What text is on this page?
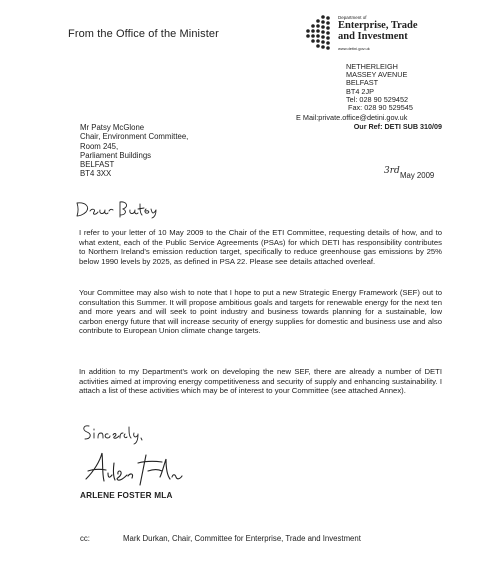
From the Office of the Minister
Department of
Enterprise, Trade
and Investment
www.detini.gov.uk
NETHERLEIGH
MASSEY AVENUE
BELFAST
BT4 2JP
Tel: 028 90 529452
Fax: 028 90 529545
E Mail:private.office@detini.gov.uk
Our Ref: DETI SUB 310/09
Mr Patsy McGlone
Chair, Environment Committee,
Room 245,
Parliament Buildings
BELFAST
BT4 3XX	3rd May 2009
I refer to your letter of 10 May 2009 to the Chair of the ETI Committee, requesting details of how, and to what extent, each of the Public Service Agreements (PSAs) for which DETI has responsibility contributes to Northern Ireland's emission reduction target, specifically to reduce greenhouse gas emissions by 25% below 1990 levels by 2025, as defined in PSA 22. Please see details attached overleaf.
Your Committee may also wish to note that I hope to put a new Strategic Energy Framework (SEF) out to consultation this Summer. It will propose ambitious goals and targets for renewable energy for the next ten and more years and will seek to point industry and business towards planning for a sustainable, low carbon energy future that will increase security of energy supplies for domestic and business use and also contribute to European Union climate change targets.
In addition to my Department's work on developing the new SEF, there are already a number of DETI activities aimed at improving energy competitiveness and security of supply and enhancing sustainability. I attach a list of these activities which may be of interest to your Committee (see attached Annex).
ARLENE FOSTER MLA
cc:	Mark Durkan, Chair, Committee for Enterprise, Trade and Investment
